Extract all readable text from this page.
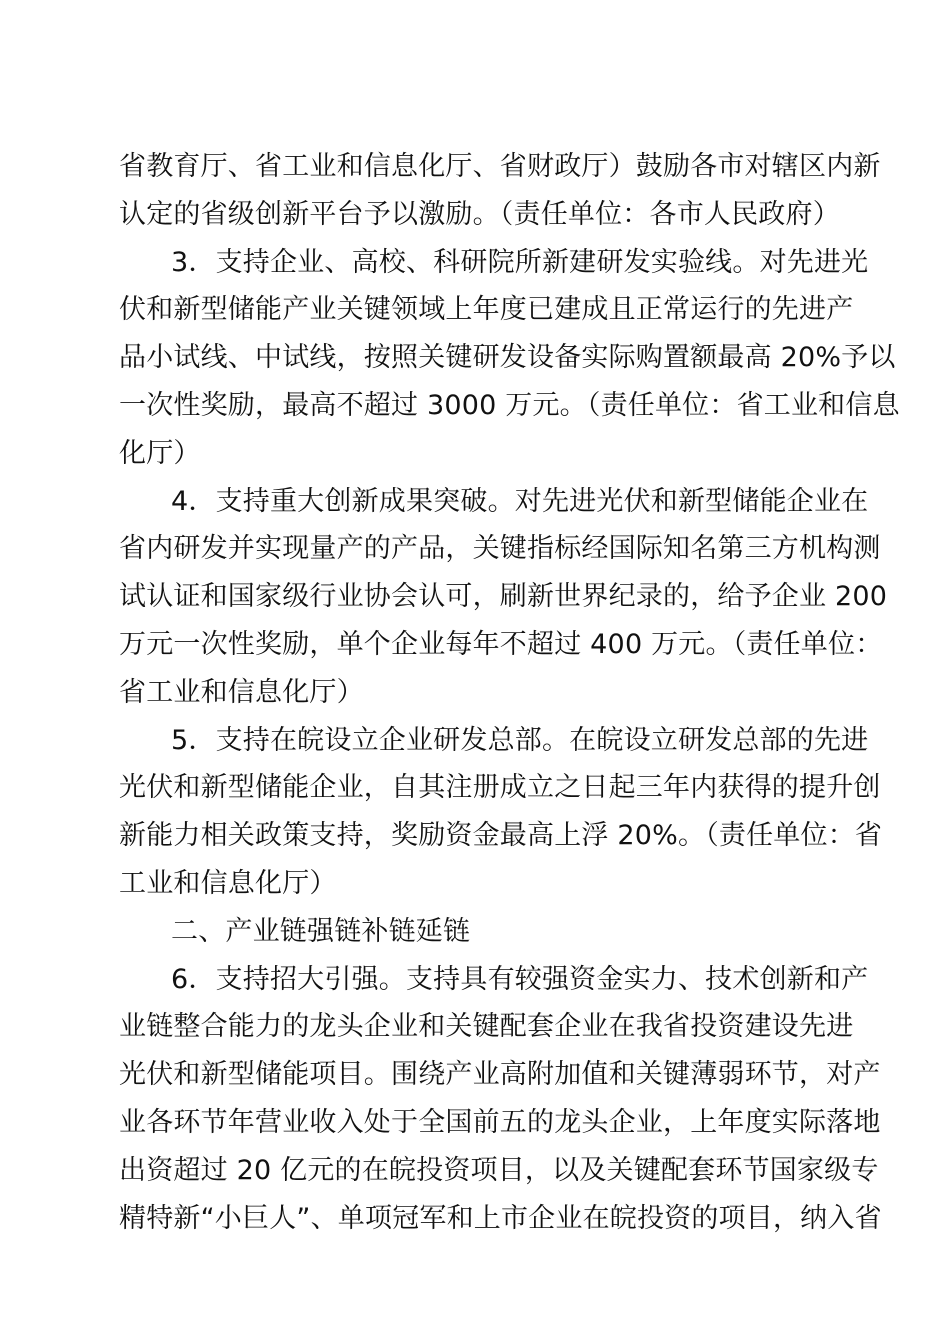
省教育厅、省工业和信息化厅、省财政厅）鼓励各市对辖区内新
认定的省级创新平台予以激励。（责任单位：各市人民政府）
3．支持企业、高校、科研院所新建研发实验线。对先进光
伏和新型储能产业关键领域上年度已建成且正常运行的先进产
品小试线、中试线，按照关键研发设备实际购置额最高 20%予以
一次性奖励，最高不超过 3000 万元。（责任单位：省工业和信息
化厅）
4．支持重大创新成果突破。对先进光伏和新型储能企业在
省内研发并实现量产的产品，关键指标经国际知名第三方机构测
试认证和国家级行业协会认可，刷新世界纪录的，给予企业 200
万元一次性奖励，单个企业每年不超过 400 万元。（责任单位：
省工业和信息化厅）
5．支持在皖设立企业研发总部。在皖设立研发总部的先进
光伏和新型储能企业，自其注册成立之日起三年内获得的提升创
新能力相关政策支持，奖励资金最高上浮 20%。（责任单位：省
工业和信息化厅）
二、产业链强链补链延链
6．支持招大引强。支持具有较强资金实力、技术创新和产
业链整合能力的龙头企业和关键配套企业在我省投资建设先进
光伏和新型储能项目。围绕产业高附加值和关键薄弱环节，对产
业各环节年营业收入处于全国前五的龙头企业，上年度实际落地
出资超过 20 亿元的在皖投资项目，以及关键配套环节国家级专
精特新“小巨人”、单项冠军和上市企业在皖投资的项目，纳入省
